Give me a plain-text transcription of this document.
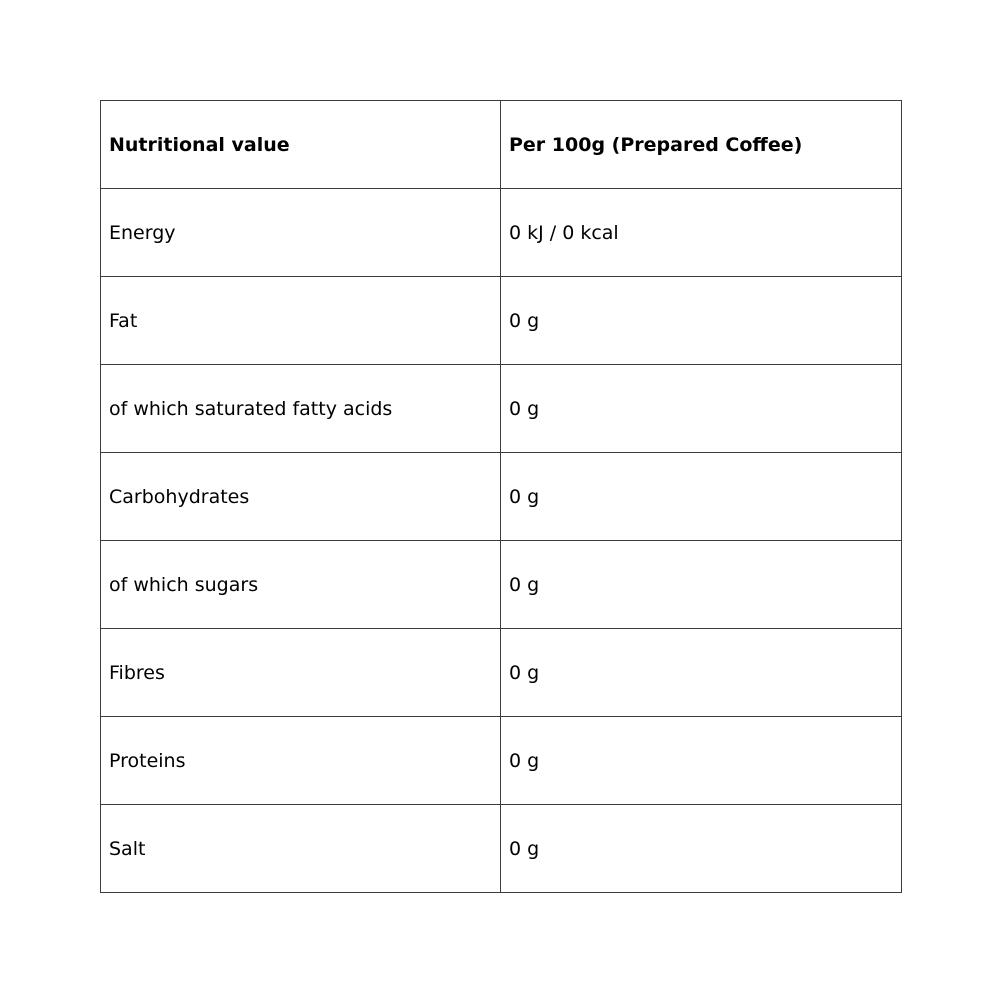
Nutritional value	Per 100g (Prepared Coffee)
Energy	0 kJ / 0 kcal
Fat	0 g
of which saturated fatty acids	0 g
Carbohydrates	0 g
of which sugars	0 g
Fibres	0 g
Proteins	0 g
Salt	0 g
